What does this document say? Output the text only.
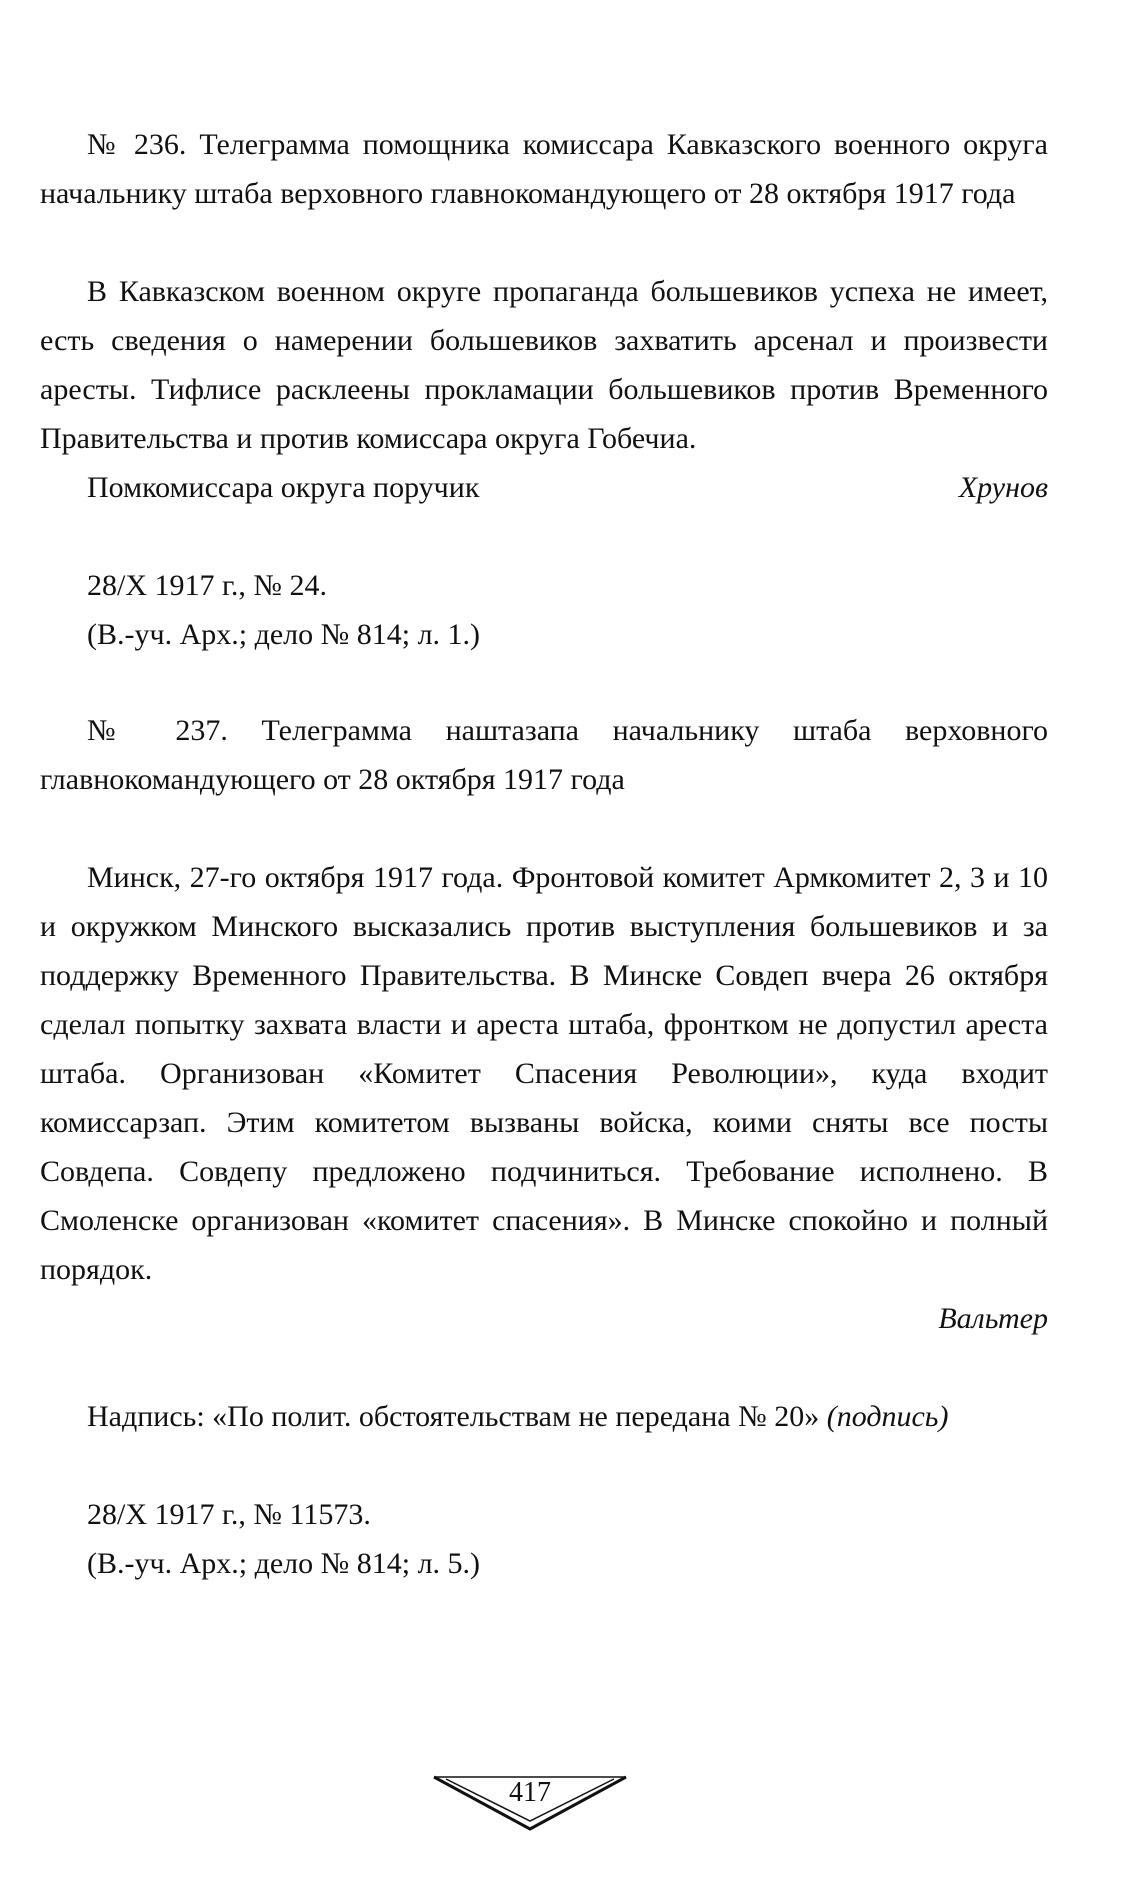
№ 236. Телеграмма помощника комиссара Кавказского военного округа начальнику штаба верховного главнокомандующего от 28 октября 1917 года

В Кавказском военном округе пропаганда большевиков успеха не имеет, есть сведения о намерении большевиков захватить арсенал и произвести аресты. Тифлисе расклеены прокламации большевиков против Временного Правительства и против комиссара округа Гобечиа.

Помкомиссара округа поручик	Хрунов

28/X 1917 г., № 24.

(В.-уч. Арх.; дело № 814; л. 1.)

№ 237. Телеграмма наштазапа начальнику штаба верховного главнокомандующего от 28 октября 1917 года

Минск, 27-го октября 1917 года. Фронтовой комитет Армкомитет 2, 3 и 10 и окружком Минского высказались против выступления большевиков и за поддержку Временного Правительства. В Минске Совдеп вчера 26 октября сделал попытку захвата власти и ареста штаба, фронтком не допустил ареста штаба. Организован «Комитет Спасения Революции», куда входит комиссарзап. Этим комитетом вызваны войска, коими сняты все посты Совдепа. Совдепу предложено подчиниться. Требование исполнено. В Смоленске организован «комитет спасения». В Минске спокойно и полный порядок.

Вальтер

Надпись: «По полит. обстоятельствам не передана № 20» (подпись)

28/X 1917 г., № 11573.

(В.-уч. Арх.; дело № 814; л. 5.)

417
